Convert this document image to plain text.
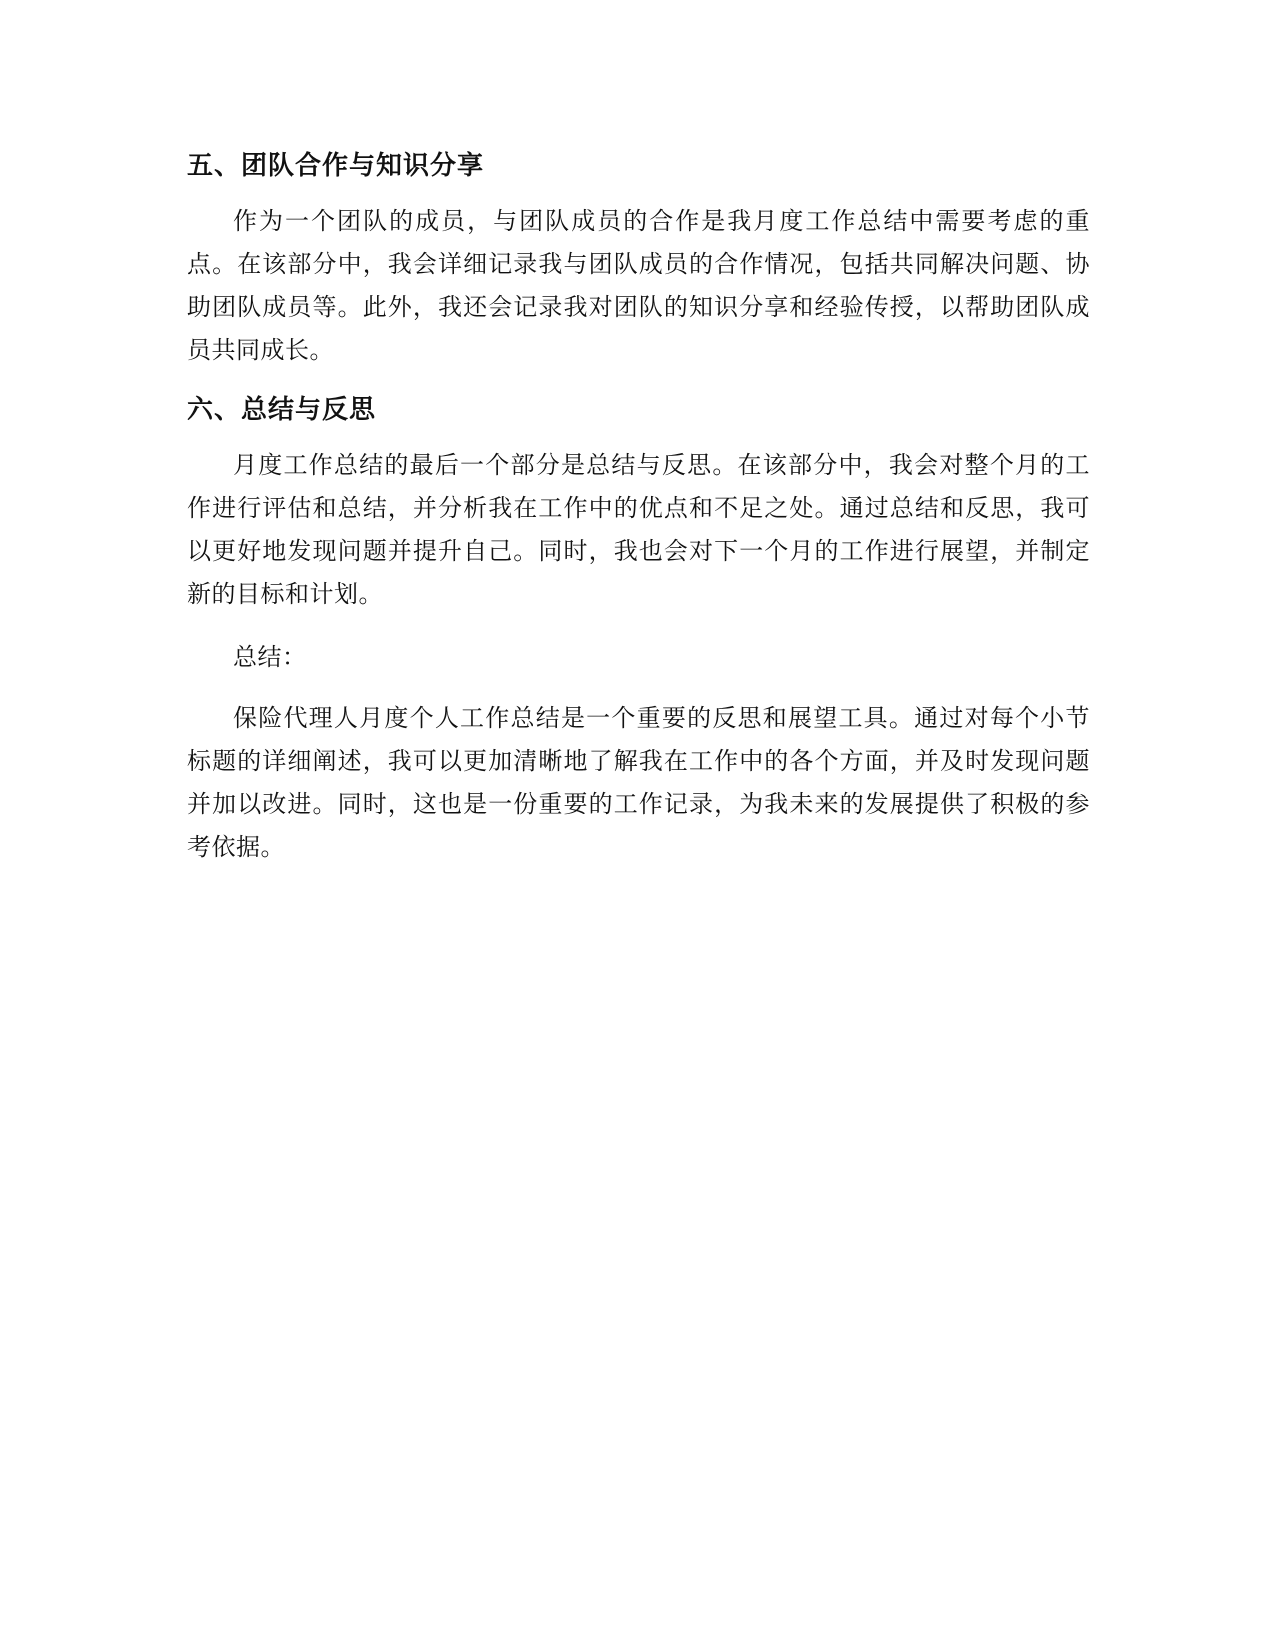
五、团队合作与知识分享

作为一个团队的成员，与团队成员的合作是我月度工作总结中需要考虑的重点。在该部分中，我会详细记录我与团队成员的合作情况，包括共同解决问题、协助团队成员等。此外，我还会记录我对团队的知识分享和经验传授，以帮助团队成员共同成长。

六、总结与反思

月度工作总结的最后一个部分是总结与反思。在该部分中，我会对整个月的工作进行评估和总结，并分析我在工作中的优点和不足之处。通过总结和反思，我可以更好地发现问题并提升自己。同时，我也会对下一个月的工作进行展望，并制定新的目标和计划。

总结：

保险代理人月度个人工作总结是一个重要的反思和展望工具。通过对每个小节标题的详细阐述，我可以更加清晰地了解我在工作中的各个方面，并及时发现问题并加以改进。同时，这也是一份重要的工作记录，为我未来的发展提供了积极的参考依据。
